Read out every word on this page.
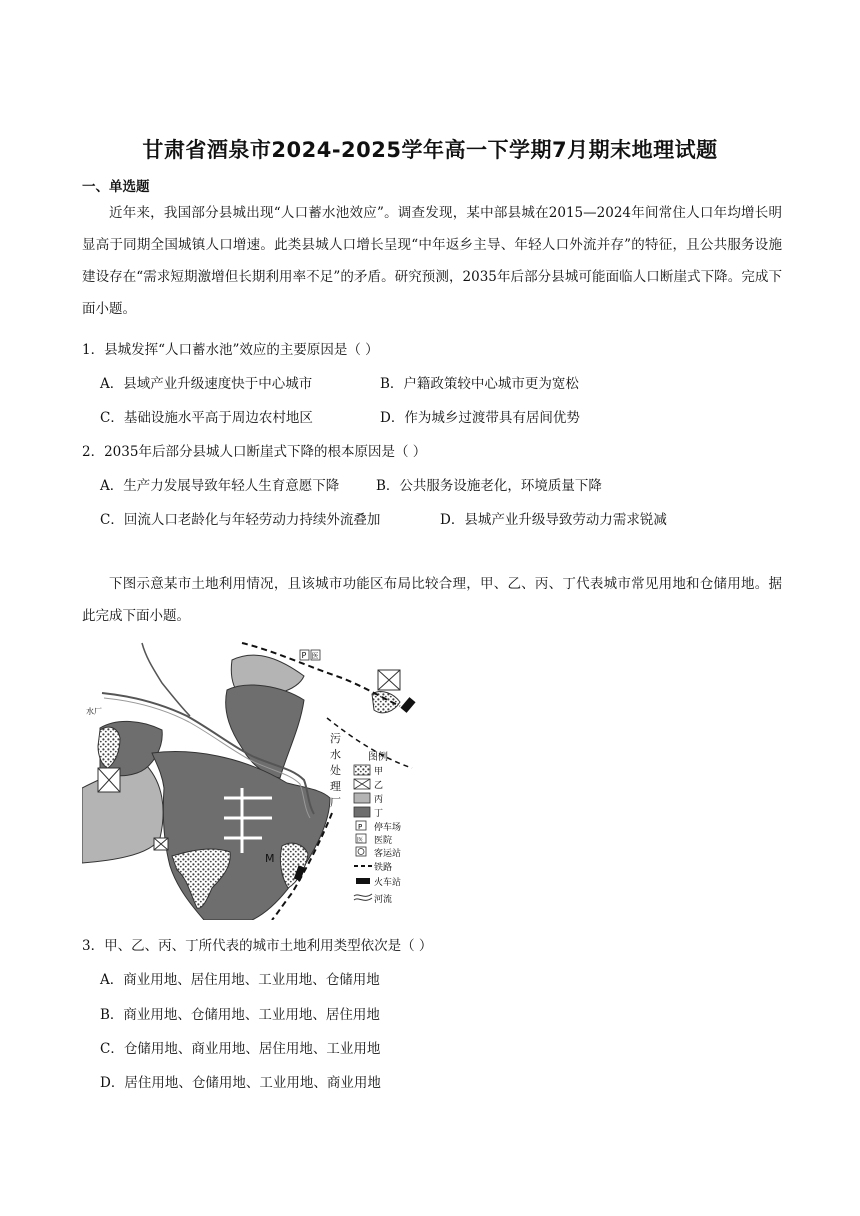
甘肃省酒泉市2024-2025学年高一下学期7月期末地理试题
一、单选题
近年来，我国部分县城出现“人口蓄水池效应”。调查发现，某中部县城在2015—2024年间常住人口年均增长明显高于同期全国城镇人口增速。此类县城人口增长呈现“中年返乡主导、年轻人口外流并存”的特征，且公共服务设施建设存在“需求短期激增但长期利用率不足”的矛盾。研究预测，2035年后部分县城可能面临人口断崖式下降。完成下面小题。
1．县城发挥“人口蓄水池”效应的主要原因是（ ）
A．县域产业升级速度快于中心城市	B．户籍政策较中心城市更为宽松
C．基础设施水平高于周边农村地区	D．作为城乡过渡带具有居间优势
2．2035年后部分县城人口断崖式下降的根本原因是（ ）
A．生产力发展导致年轻人生育意愿下降	B．公共服务设施老化，环境质量下降
C．回流人口老龄化与年轻劳动力持续外流叠加	D．县城产业升级导致劳动力需求锐减
下图示意某市土地利用情况，且该城市功能区布局比较合理，甲、乙、丙、丁代表城市常见用地和仓储用地。据此完成下面小题。
P 医
水厂
M
污
水
处
理
厂
图例
甲
乙
丙
丁
P 停车场
医 医院
客运站
铁路
火车站
河流
3．甲、乙、丙、丁所代表的城市土地利用类型依次是（ ）
A．商业用地、居住用地、工业用地、仓储用地
B．商业用地、仓储用地、工业用地、居住用地
C．仓储用地、商业用地、居住用地、工业用地
D．居住用地、仓储用地、工业用地、商业用地
